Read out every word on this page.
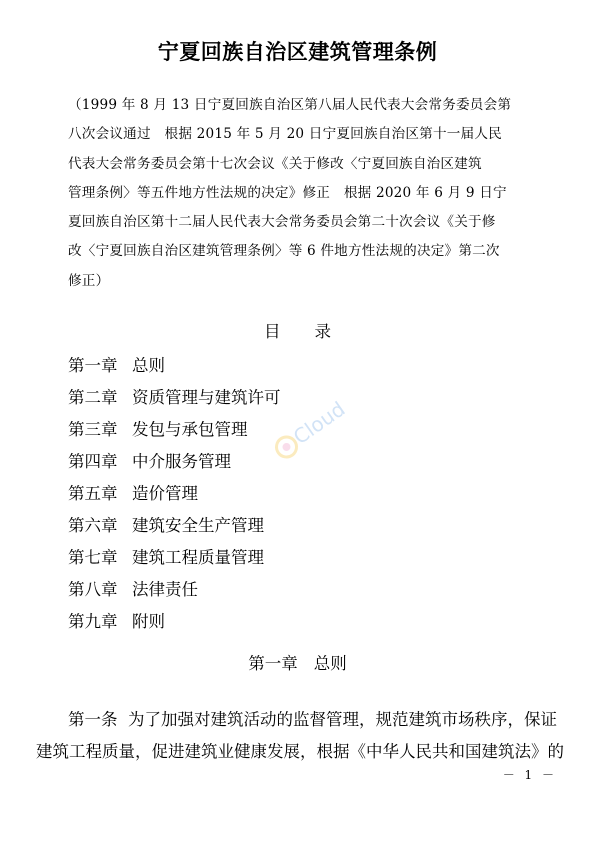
宁夏回族自治区建筑管理条例
（1999 年 8 月 13 日宁夏回族自治区第八届人民代表大会常务委员会第
八次会议通过　根据 2015 年 5 月 20 日宁夏回族自治区第十一届人民
代表大会常务委员会第十七次会议《关于修改〈宁夏回族自治区建筑
管理条例〉等五件地方性法规的决定》修正　根据 2020 年 6 月 9 日宁
夏回族自治区第十二届人民代表大会常务委员会第二十次会议《关于修
改〈宁夏回族自治区建筑管理条例〉等 6 件地方性法规的决定》第二次
修正）
目 录
第一章 总则
第二章 资质管理与建筑许可
第三章 发包与承包管理
第四章 中介服务管理
第五章 造价管理
第六章 建筑安全生产管理
第七章 建筑工程质量管理
第八章 法律责任
第九章 附则
第一章 总则
第一条 为了加强对建筑活动的监督管理，规范建筑市场秩序，保证
建筑工程质量，促进建筑业健康发展，根据《中华人民共和国建筑法》的
－ 1 －
Cloud
